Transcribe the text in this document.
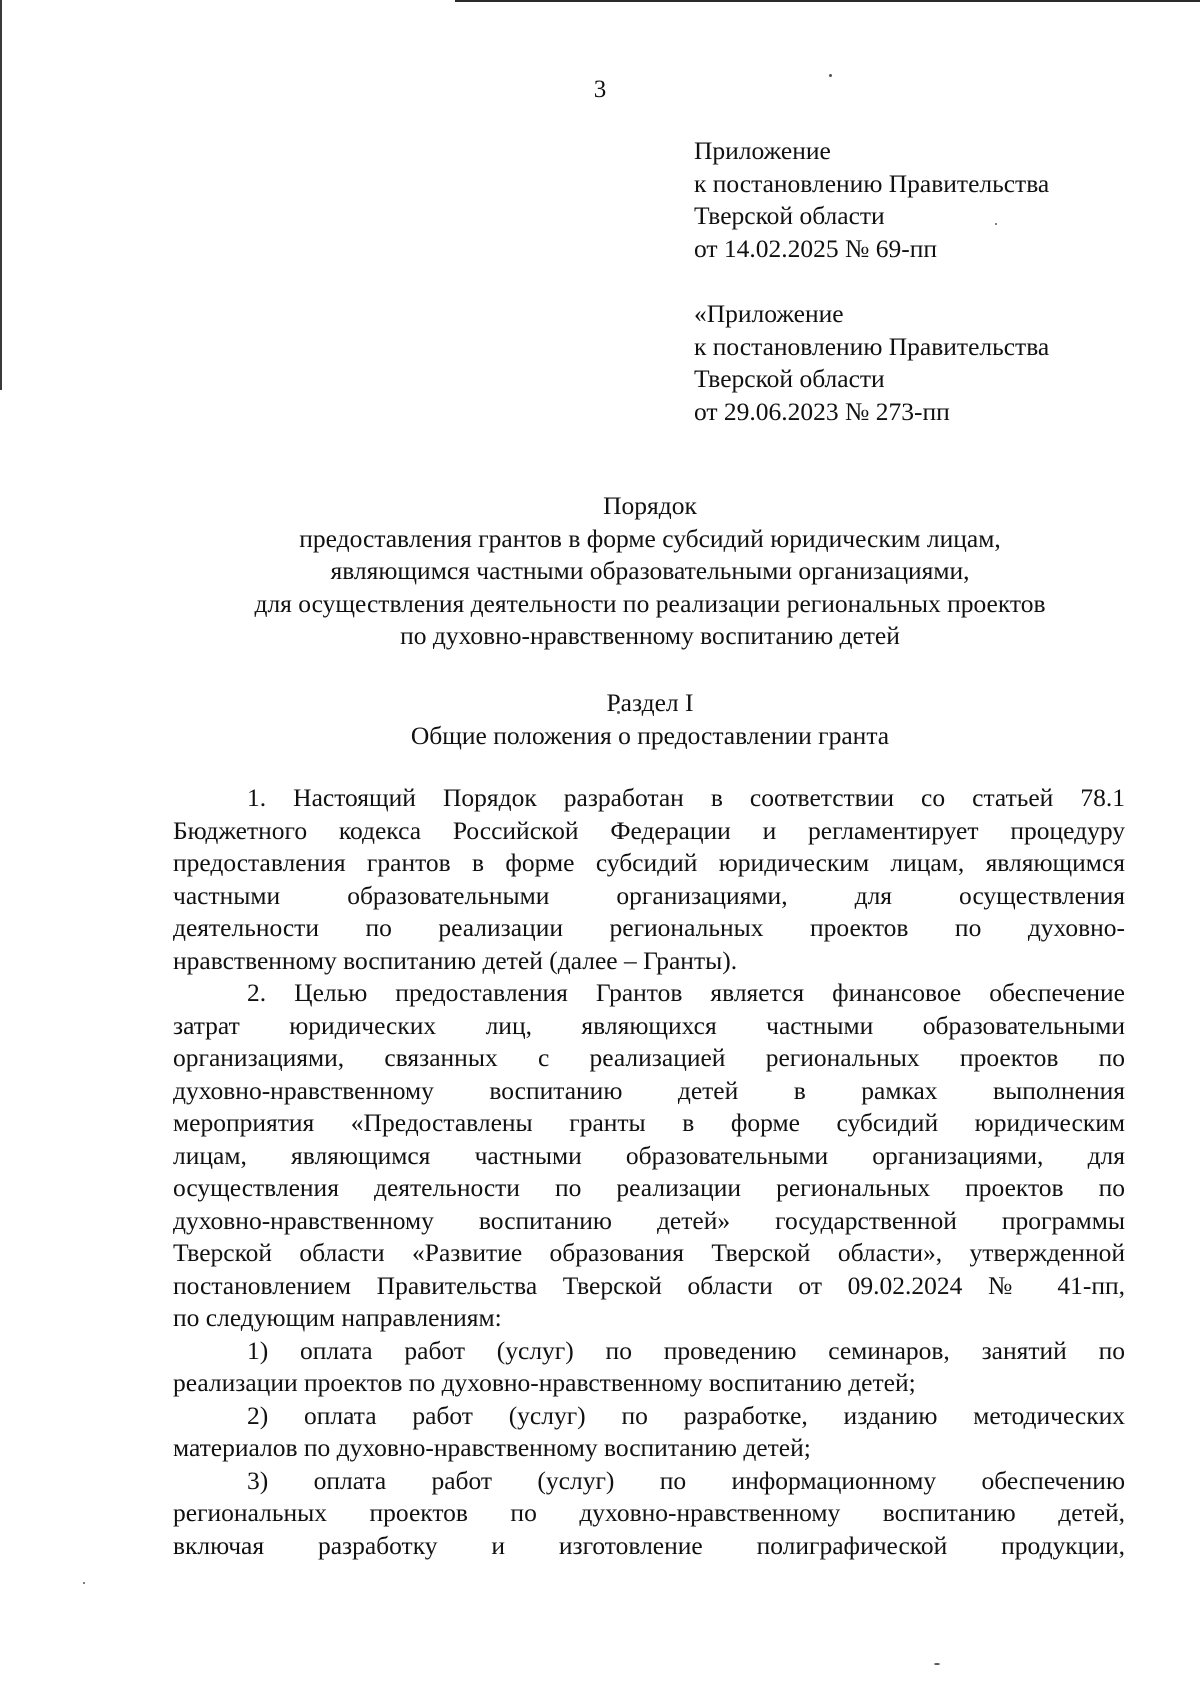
3
Приложение
к постановлению Правительства
Тверской области
от 14.02.2025 № 69-пп
«Приложение
к постановлению Правительства
Тверской области
от 29.06.2023 № 273-пп
Порядок
предоставления грантов в форме субсидий юридическим лицам,
являющимся частными образовательными организациями,
для осуществления деятельности по реализации региональных проектов
по духовно-нравственному воспитанию детей
Раздел I
Общие положения о предоставлении гранта
1. Настоящий Порядок разработан в соответствии со статьей 78.1
Бюджетного кодекса Российской Федерации и регламентирует процедуру
предоставления грантов в форме субсидий юридическим лицам, являющимся
частными образовательными организациями, для осуществления
деятельности по реализации региональных проектов по духовно-
нравственному воспитанию детей (далее – Гранты).
2. Целью предоставления Грантов является финансовое обеспечение
затрат юридических лиц, являющихся частными образовательными
организациями, связанных с реализацией региональных проектов по
духовно-нравственному воспитанию детей в рамках выполнения
мероприятия «Предоставлены гранты в форме субсидий юридическим
лицам, являющимся частными образовательными организациями, для
осуществления деятельности по реализации региональных проектов по
духовно-нравственному воспитанию детей» государственной программы
Тверской области «Развитие образования Тверской области», утвержденной
постановлением Правительства Тверской области от 09.02.2024 № 41-пп,
по следующим направлениям:
1) оплата работ (услуг) по проведению семинаров, занятий по
реализации проектов по духовно-нравственному воспитанию детей;
2) оплата работ (услуг) по разработке, изданию методических
материалов по духовно-нравственному воспитанию детей;
3) оплата работ (услуг) по информационному обеспечению
региональных проектов по духовно-нравственному воспитанию детей,
включая разработку и изготовление полиграфической продукции,
